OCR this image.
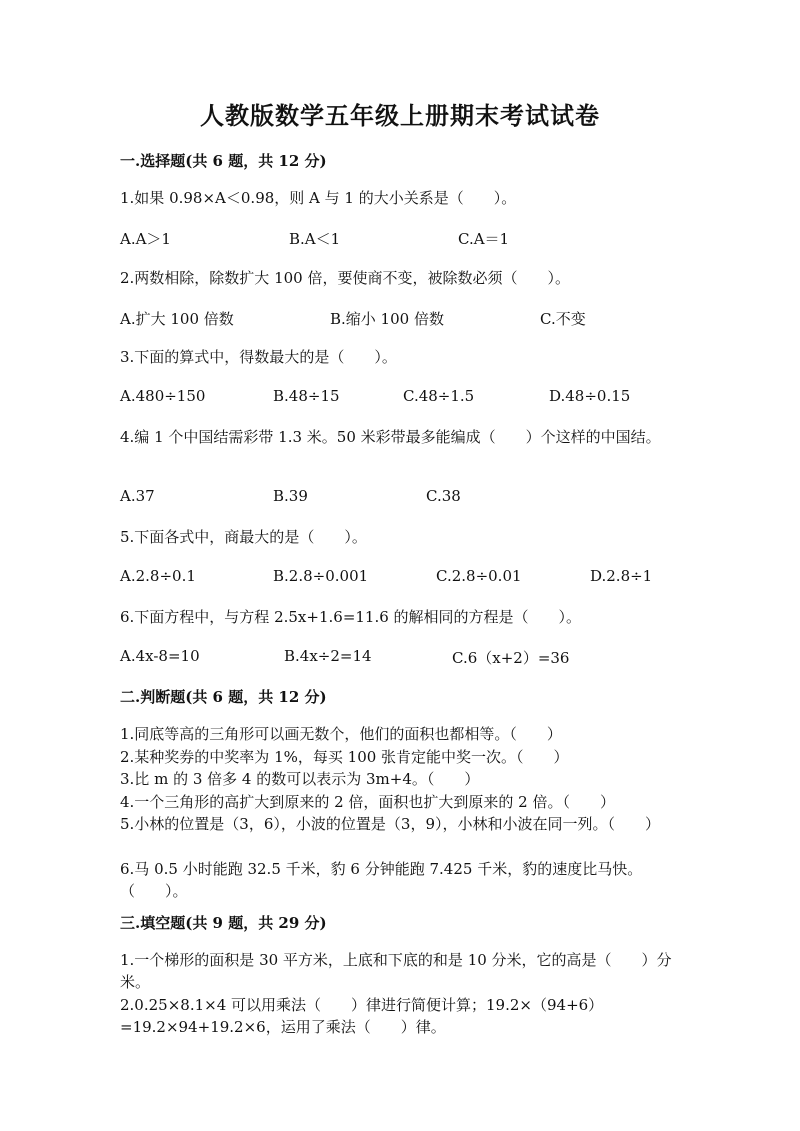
人教版数学五年级上册期末考试试卷
一.选择题(共 6 题，共 12 分)
1.如果 0.98×A＜0.98，则 A 与 1 的大小关系是（　　）。
A.A＞1	B.A＜1	C.A＝1
2.两数相除，除数扩大 100 倍，要使商不变，被除数必须（　　）。
A.扩大 100 倍数	B.缩小 100 倍数	C.不变
3.下面的算式中，得数最大的是（　　）。
A.480÷150	B.48÷15	C.48÷1.5	D.48÷0.15
4.编 1 个中国结需彩带 1.3 米。50 米彩带最多能编成（　　）个这样的中国结。
A.37	B.39	C.38
5.下面各式中，商最大的是（　　）。
A.2.8÷0.1	B.2.8÷0.001	C.2.8÷0.01	D.2.8÷1
6.下面方程中，与方程 2.5x+1.6=11.6 的解相同的方程是（　　）。
A.4x-8=10	B.4x÷2=14	C.6（x+2）=36
二.判断题(共 6 题，共 12 分)
1.同底等高的三角形可以画无数个，他们的面积也都相等。（　　）
2.某种奖券的中奖率为 1%，每买 100 张肯定能中奖一次。（　　）
3.比 m 的 3 倍多 4 的数可以表示为 3m+4。（　　）
4.一个三角形的高扩大到原来的 2 倍，面积也扩大到原来的 2 倍。（　　）
5.小林的位置是（3，6），小波的位置是（3，9），小林和小波在同一列。（　　）
6.马 0.5 小时能跑 32.5 千米，豹 6 分钟能跑 7.425 千米，豹的速度比马快。（　　）。
三.填空题(共 9 题，共 29 分)
1.一个梯形的面积是 30 平方米，上底和下底的和是 10 分米，它的高是（　　）分米。
2.0.25×8.1×4 可以用乘法（　　）律进行简便计算；19.2×（94+6）=19.2×94+19.2×6，运用了乘法（　　）律。
